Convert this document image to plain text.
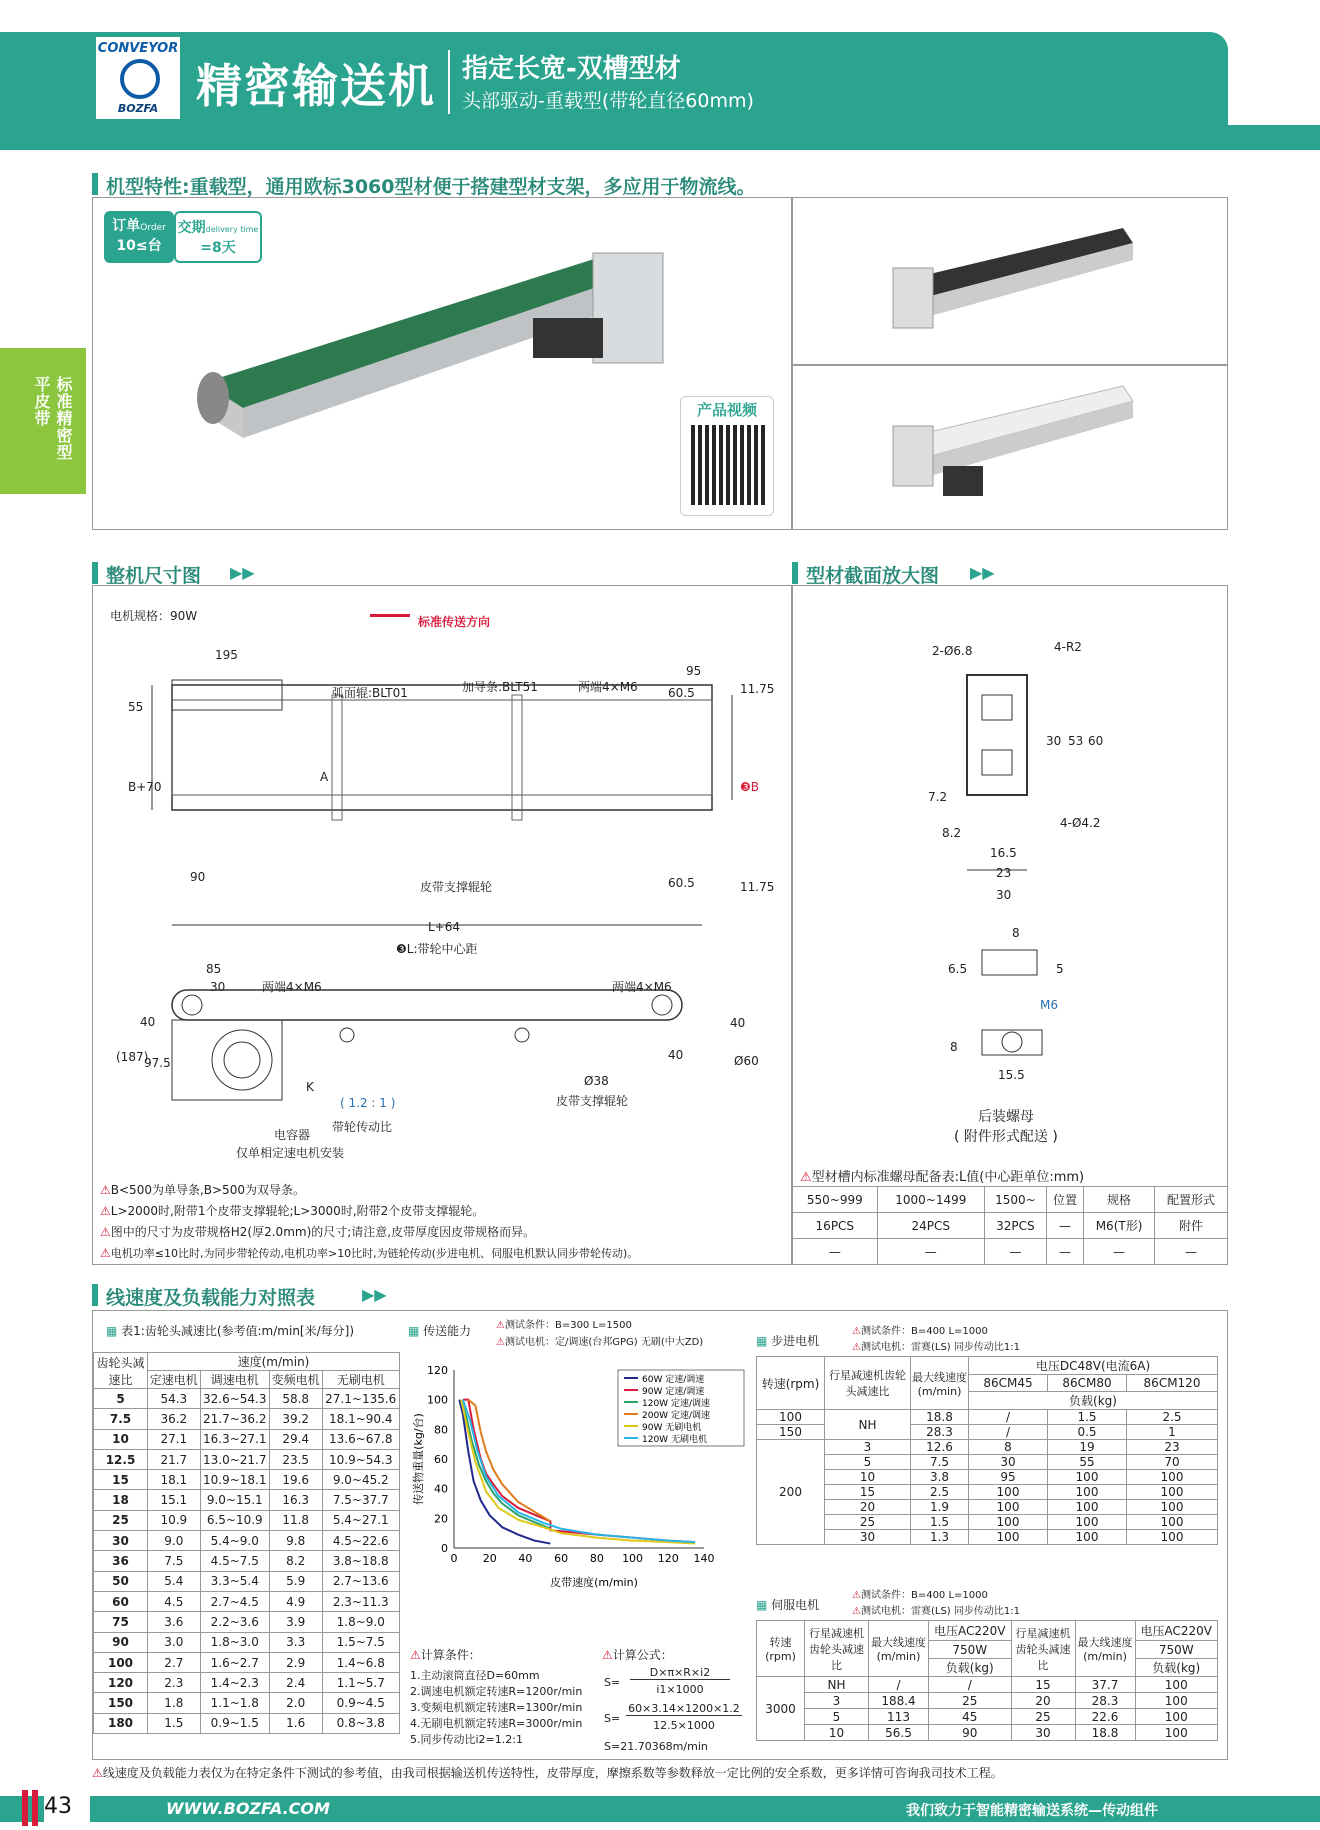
CONVEYOR
BOZFA 精密输送机 指定长宽-双槽型材
头部驱动-重载型(带轮直径60mm)
平皮带 标准精密型
机型特性:重载型，通用欧标3060型材便于搭建型材支架，多应用于物流线。
订单Order
10≤台
交期delivery time
=8天
产品视频
整机尺寸图 ▶▶	型材截面放大图 ▶▶
电机规格：90W	标准传送方向
195
55
弧面辊:BLT01	加导条:BLT51	两端4×M6
95
60.5	11.75
B+70
A
❸B
90
皮带支撑辊轮	60.5	11.75
L+64
❸L:带轮中心距
85
30	两端4×M6	两端4×M6
(187)
40
97.5
40
40	Ø60
Ø38
皮带支撑辊轮
K
( 1.2 : 1 )
带轮传动比
电容器
仅单相定速电机安装
⚠B<500为单导条,B>500为双导条。
⚠L>2000时,附带1个皮带支撑辊轮;L>3000时,附带2个皮带支撑辊轮。
⚠图中的尺寸为皮带规格H2(厚2.0mm)的尺寸;请注意,皮带厚度因皮带规格而异。
⚠电机功率≤10比时,为同步带轮传动,电机功率>10比时,为链轮传动(步进电机、伺服电机默认同步带轮传动)。
2-Ø6.8	4-R2
30 53 60
7.2
8.2
16.5
23
30
4-Ø4.2
8
6.5	5
M6
8
15.5
后装螺母
( 附件形式配送 )
⚠型材槽内标准螺母配备表:L值(中心距单位:mm)
550~999	1000~1499	1500~	位置	规格	配置形式
16PCS	24PCS	32PCS	—	M6(T形)	附件
—	—	—	—	—	—
线速度及负载能力对照表	▶▶
▦ 表1:齿轮头减速比(参考值:m/min[米/每分])
齿轮头减速比	速度(m/min)			
	定速电机	调速电机	变频电机	无刷电机
5	54.3	32.6~54.3	58.8	27.1~135.6
7.5	36.2	21.7~36.2	39.2	18.1~90.4
10	27.1	16.3~27.1	29.4	13.6~67.8
12.5	21.7	13.0~21.7	23.5	10.9~54.3
15	18.1	10.9~18.1	19.6	9.0~45.2
18	15.1	9.0~15.1	16.3	7.5~37.7
25	10.9	6.5~10.9	11.8	5.4~27.1
30	9.0	5.4~9.0	9.8	4.5~22.6
36	7.5	4.5~7.5	8.2	3.8~18.8
50	5.4	3.3~5.4	5.9	2.7~13.6
60	4.5	2.7~4.5	4.9	2.3~11.3
75	3.6	2.2~3.6	3.9	1.8~9.0
90	3.0	1.8~3.0	3.3	1.5~7.5
100	2.7	1.6~2.7	2.9	1.4~6.8
120	2.3	1.4~2.3	2.4	1.1~5.7
150	1.8	1.1~1.8	2.0	0.9~4.5
180	1.5	0.9~1.5	1.6	0.8~3.8
▦ 传送能力 ⚠测试条件：B=300 L=1500
⚠测试电机：定/调速(台邦GPG) 无刷(中大ZD)
0 20 40 60 80 100 120 140
0
20
40
60
80
100
120
皮带速度(m/min)
传送物重量(kg/台)
60W 定速/调速
90W 定速/调速
120W 定速/调速
200W 定速/调速
90W 无刷电机
120W 无刷电机
⚠计算条件：
1.主动滚筒直径D=60mm
2.调速电机额定转速R=1200r/min
3.变频电机额定转速R=1300r/min
4.无刷电机额定转速R=3000r/min
5.同步传动比i2=1.2:1
⚠计算公式：
S=
D×π×R×i2
i1×1000
S=
60×3.14×1200×1.2
12.5×1000
S=21.70368m/min
▦ 步进电机
⚠测试条件：B=400 L=1000
⚠测试电机：雷赛(LS) 同步传动比1:1
转速(rpm)	行星减速机齿轮头减速比	最大线速度(m/min)	电压DC48V(电流6A)		
			86CM45	86CM80	86CM120
			负载(kg)		
100	NH	18.8	/	1.5	2.5
150		28.3	/	0.5	1
200	3	12.6	8	19	23
	5	7.5	30	55	70
	10	3.8	95	100	100
	15	2.5	100	100	100
	20	1.9	100	100	100
	25	1.5	100	100	100
	30	1.3	100	100	100
▦ 伺服电机
⚠测试条件：B=400 L=1000
⚠测试电机：雷赛(LS) 同步传动比1:1
转速(rpm)	行星减速机齿轮头减速比	最大线速度(m/min)	电压AC220V	行星减速机齿轮头减速比	最大线速度(m/min)	电压AC220V
			750W			750W
			负载(kg)			负载(kg)
3000	NH	/	/	15	37.7	100
	3	188.4	25	20	28.3	100
	5	113	45	25	22.6	100
	10	56.5	90	30	18.8	100
⚠线速度及负载能力表仅为在特定条件下测试的参考值，由我司根据输送机传送特性，皮带厚度，摩擦系数等参数释放一定比例的安全系数，更多详情可咨询我司技术工程。
43	WWW.BOZFA.COM	我们致力于智能精密输送系统—传动组件
